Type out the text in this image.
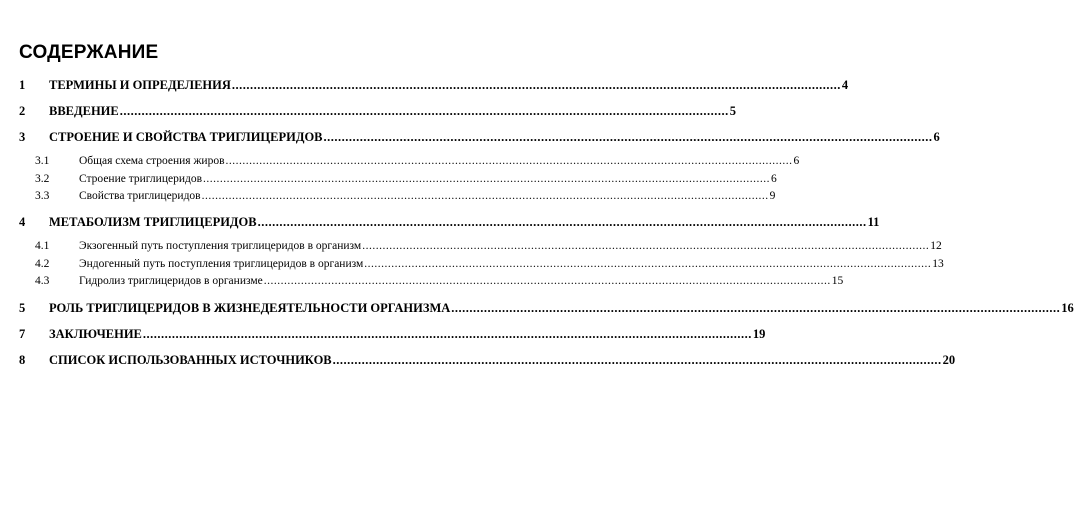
СОДЕРЖАНИЕ
1 ТЕРМИНЫ И ОПРЕДЕЛЕНИЯ ........................................................................................................................................................................ 4
2 ВВЕДЕНИЕ ........................................................................................................................................................................ 5
3 СТРОЕНИЕ И СВОЙСТВА ТРИГЛИЦЕРИДОВ ........................................................................................................................................................................ 6
3.1	Общая схема строения жиров ........................................................................................................................................................................ 6
3.2	Строение триглицеридов ........................................................................................................................................................................ 6
3.3	Свойства триглицеридов ........................................................................................................................................................................ 9
4 МЕТАБОЛИЗМ ТРИГЛИЦЕРИДОВ ........................................................................................................................................................................ 11
4.1	Экзогенный путь поступления триглицеридов в организм ........................................................................................................................................................................ 12
4.2	Эндогенный путь поступления триглицеридов в организм ........................................................................................................................................................................ 13
4.3	Гидролиз триглицеридов в организме ........................................................................................................................................................................ 15
5 РОЛЬ ТРИГЛИЦЕРИДОВ В ЖИЗНЕДЕЯТЕЛЬНОСТИ ОРГАНИЗМА ........................................................................................................................................................................ 16
7 ЗАКЛЮЧЕНИЕ ........................................................................................................................................................................ 19
8 СПИСОК ИСПОЛЬЗОВАННЫХ ИСТОЧНИКОВ ........................................................................................................................................................................ 20
